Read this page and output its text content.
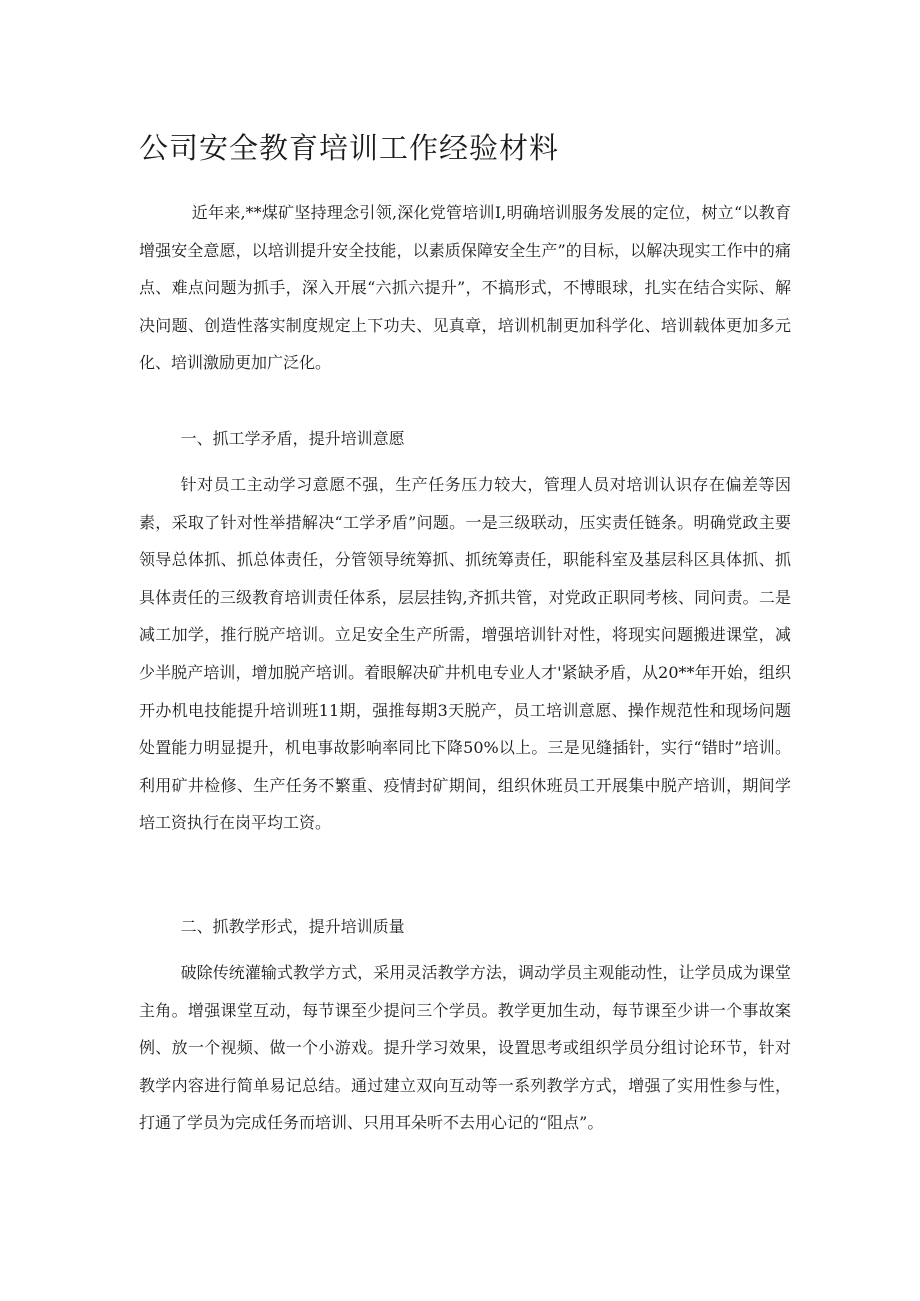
公司安全教育培训工作经验材料

近年来,**煤矿坚持理念引领,深化党管培训I,明确培训服务发展的定位，树立“以教育增强安全意愿，以培训提升安全技能，以素质保障安全生产”的目标，以解决现实工作中的痛点、难点问题为抓手，深入开展“六抓六提升”，不搞形式，不博眼球，扎实在结合实际、解决问题、创造性落实制度规定上下功夫、见真章，培训机制更加科学化、培训载体更加多元化、培训激励更加广泛化。

一、抓工学矛盾，提升培训意愿

针对员工主动学习意愿不强，生产任务压力较大，管理人员对培训认识存在偏差等因素，采取了针对性举措解决“工学矛盾”问题。一是三级联动，压实责任链条。明确党政主要领导总体抓、抓总体责任，分管领导统筹抓、抓统筹责任，职能科室及基层科区具体抓、抓具体责任的三级教育培训责任体系，层层挂钩,齐抓共管，对党政正职同考核、同问责。二是减工加学，推行脱产培训。立足安全生产所需，增强培训针对性，将现实问题搬进课堂，减少半脱产培训，增加脱产培训。着眼解决矿井机电专业人才'紧缺矛盾，从20**年开始，组织开办机电技能提升培训班11期，强推每期3天脱产，员工培训意愿、操作规范性和现场问题处置能力明显提升，机电事故影响率同比下降50%以上。三是见缝插针，实行“错时”培训。利用矿井检修、生产任务不繁重、疫情封矿期间，组织休班员工开展集中脱产培训，期间学培工资执行在岗平均工资。

二、抓教学形式，提升培训质量

破除传统灌输式教学方式，采用灵活教学方法，调动学员主观能动性，让学员成为课堂主角。增强课堂互动，每节课至少提问三个学员。教学更加生动，每节课至少讲一个事故案例、放一个视频、做一个小游戏。提升学习效果，设置思考或组织学员分组讨论环节，针对教学内容进行简单易记总结。通过建立双向互动等一系列教学方式，增强了实用性参与性，打通了学员为完成任务而培训、只用耳朵听不去用心记的“阻点”。
